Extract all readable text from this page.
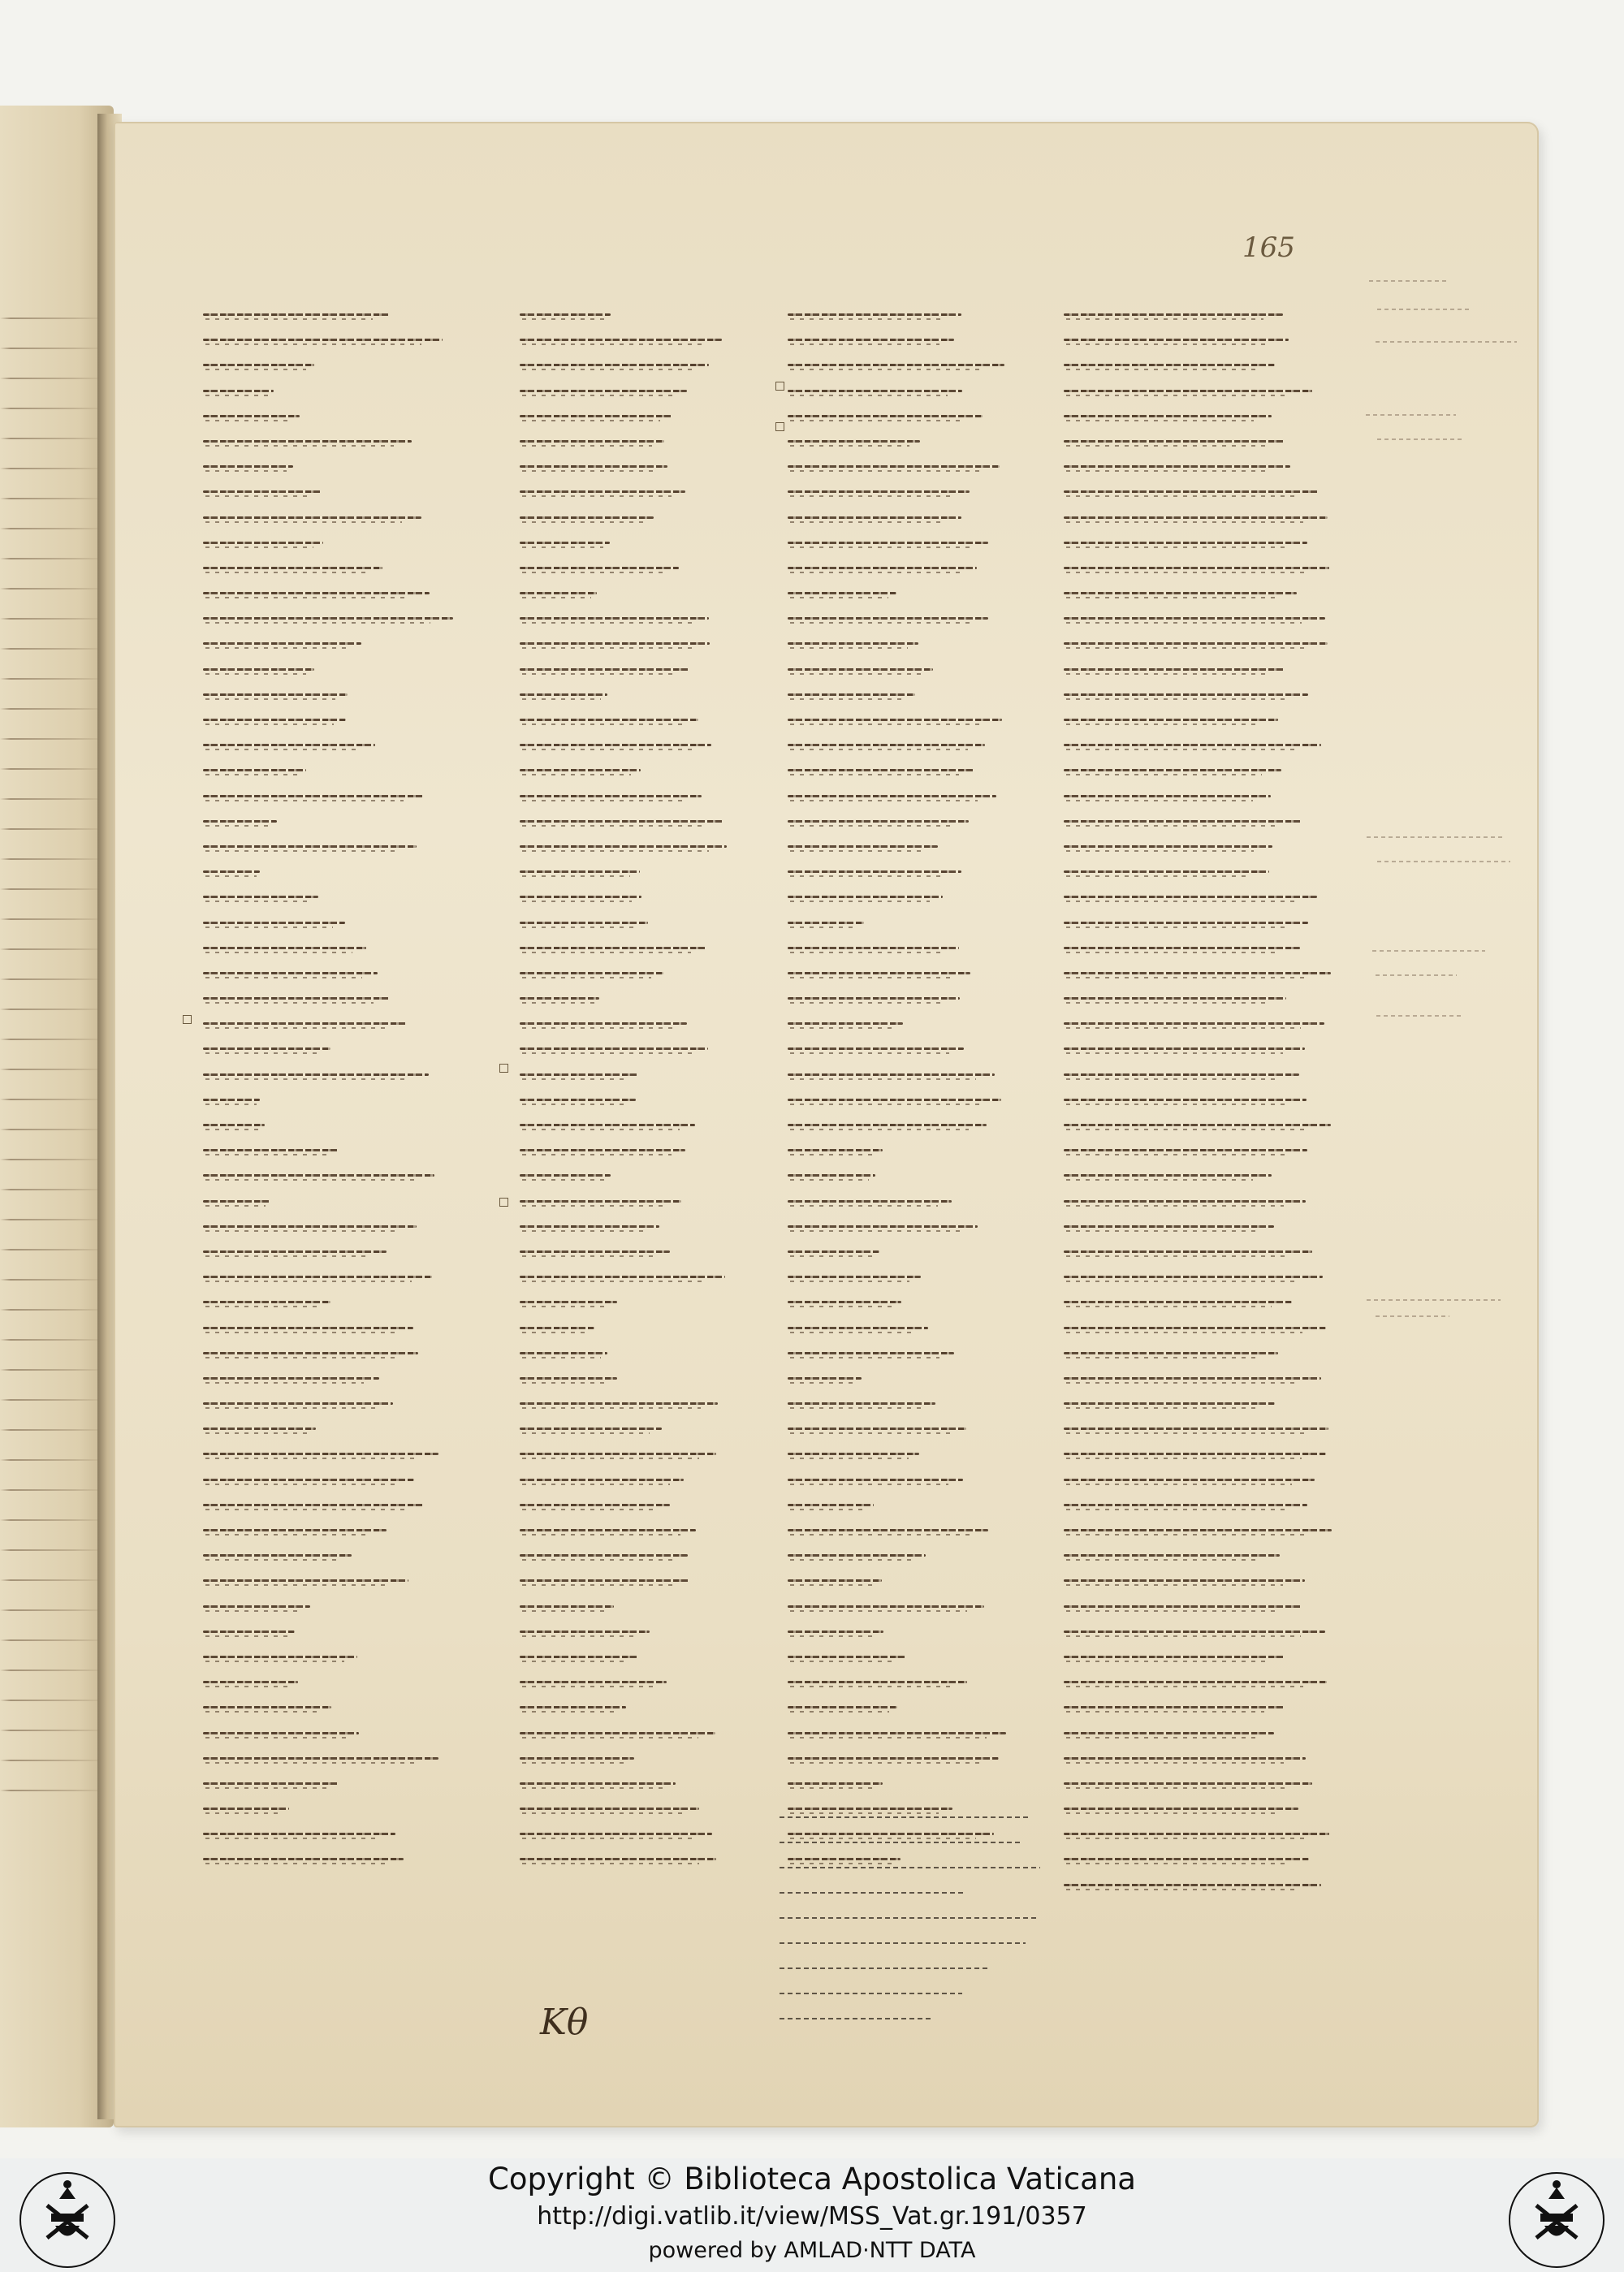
165
Κθ
Copyright © Biblioteca Apostolica Vaticana
http://digi.vatlib.it/view/MSS_Vat.gr.191/0357
powered by AMLAD·NTT DATA
